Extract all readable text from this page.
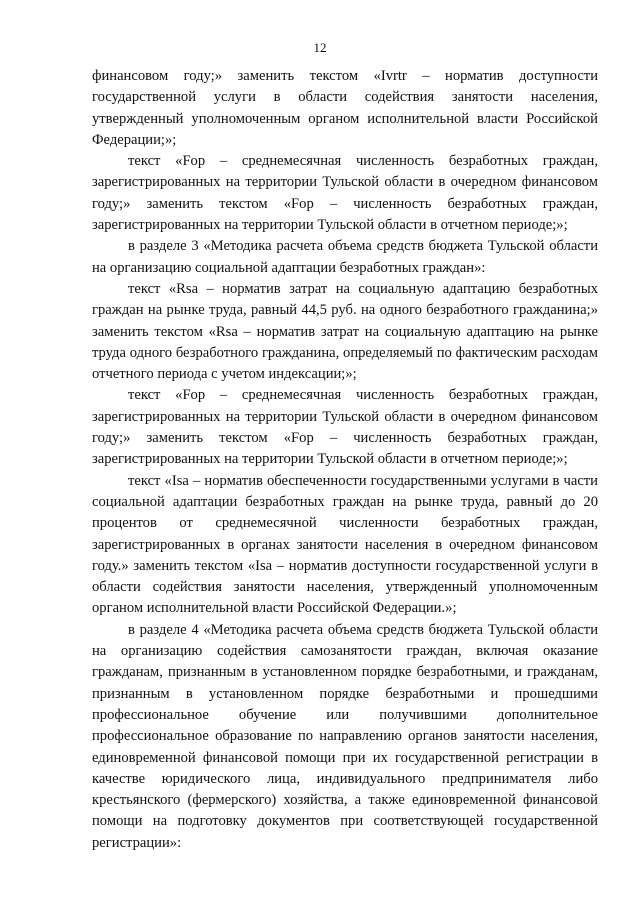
12

финансовом году;» заменить текстом «Ivrtr – норматив доступности государственной услуги в области содействия занятости населения, утвержденный уполномоченным органом исполнительной власти Российской Федерации;»;

текст «Fop – среднемесячная численность безработных граждан, зарегистрированных на территории Тульской области в очередном финансовом году;» заменить текстом «Fop – численность безработных граждан, зарегистрированных на территории Тульской области в отчетном периоде;»;

в разделе 3 «Методика расчета объема средств бюджета Тульской области на организацию социальной адаптации безработных граждан»:

текст «Rsa – норматив затрат на социальную адаптацию безработных граждан на рынке труда, равный 44,5 руб. на одного безработного гражданина;» заменить текстом «Rsa – норматив затрат на социальную адаптацию на рынке труда одного безработного гражданина, определяемый по фактическим расходам отчетного периода с учетом индексации;»;

текст «Fop – среднемесячная численность безработных граждан, зарегистрированных на территории Тульской области в очередном финансовом году;» заменить текстом «Fop – численность безработных граждан, зарегистрированных на территории Тульской области в отчетном периоде;»;

текст «Isa – норматив обеспеченности государственными услугами в части социальной адаптации безработных граждан на рынке труда, равный до 20 процентов от среднемесячной численности безработных граждан, зарегистрированных в органах занятости населения в очередном финансовом году.» заменить текстом «Isa – норматив доступности государственной услуги в области содействия занятости населения, утвержденный уполномоченным органом исполнительной власти Российской Федерации.»;

в разделе 4 «Методика расчета объема средств бюджета Тульской области на организацию содействия самозанятости граждан, включая оказание гражданам, признанным в установленном порядке безработными, и гражданам, признанным в установленном порядке безработными и прошедшими профессиональное обучение или получившими дополнительное профессиональное образование по направлению органов занятости населения, единовременной финансовой помощи при их государственной регистрации в качестве юридического лица, индивидуального предпринимателя либо крестьянского (фермерского) хозяйства, а также единовременной финансовой помощи на подготовку документов при соответствующей государственной регистрации»:
